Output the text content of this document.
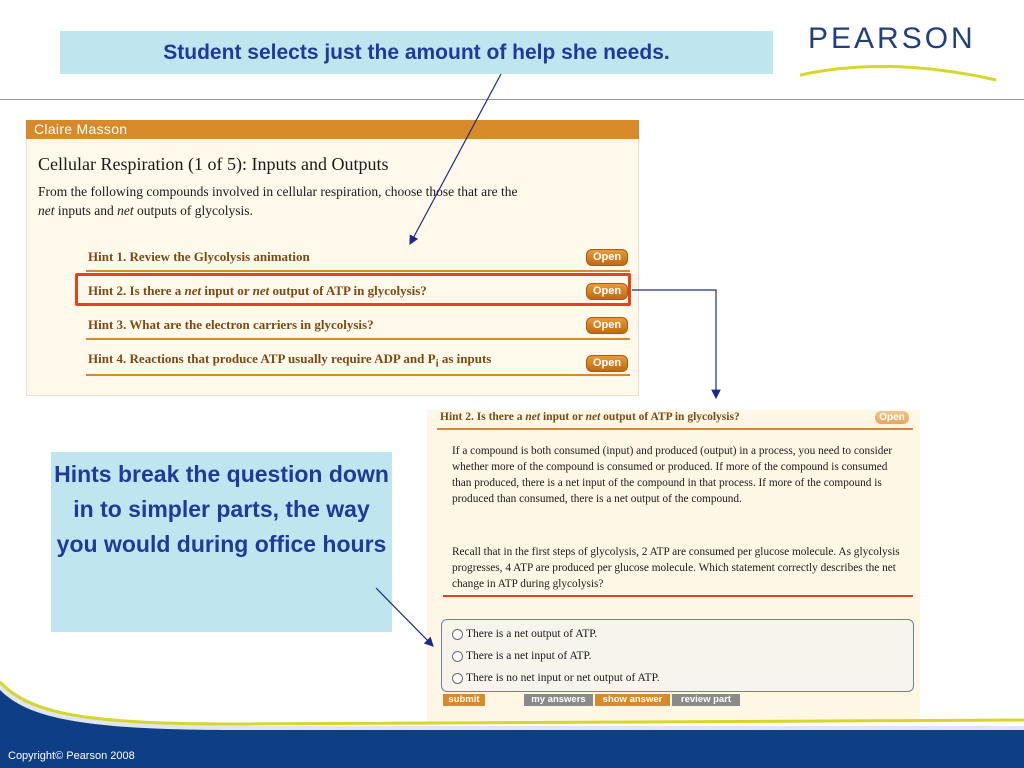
Student selects just the amount of help she needs.	PEARSON
Claire Masson
Cellular Respiration (1 of 5): Inputs and Outputs
From the following compounds involved in cellular respiration, choose those that are the
net inputs and net outputs of glycolysis.
Hint 1. Review the Glycolysis animation	Open
Hint 2. Is there a net input or net output of ATP in glycolysis?	Open
Hint 3. What are the electron carriers in glycolysis?	Open
Hint 4. Reactions that produce ATP usually require ADP and $P_i$ as inputs	Open
Hint 2. Is there a net input or net output of ATP in glycolysis?	Open
If a compound is both consumed (input) and produced (output) in a process, you need to consider whether more of the compound is consumed or produced. If more of the compound is consumed than produced, there is a net input of the compound in that process. If more of the compound is produced than consumed, there is a net output of the compound.
Recall that in the first steps of glycolysis, 2 ATP are consumed per glucose molecule. As glycolysis progresses, 4 ATP are produced per glucose molecule. Which statement correctly describes the net change in ATP during glycolysis?
There is a net output of ATP.
There is a net input of ATP.
There is no net input or net output of ATP.
submit	my answers	show answer	review part
Hints break the question down in to simpler parts, the way you would during office hours
Copyright© Pearson 2008
